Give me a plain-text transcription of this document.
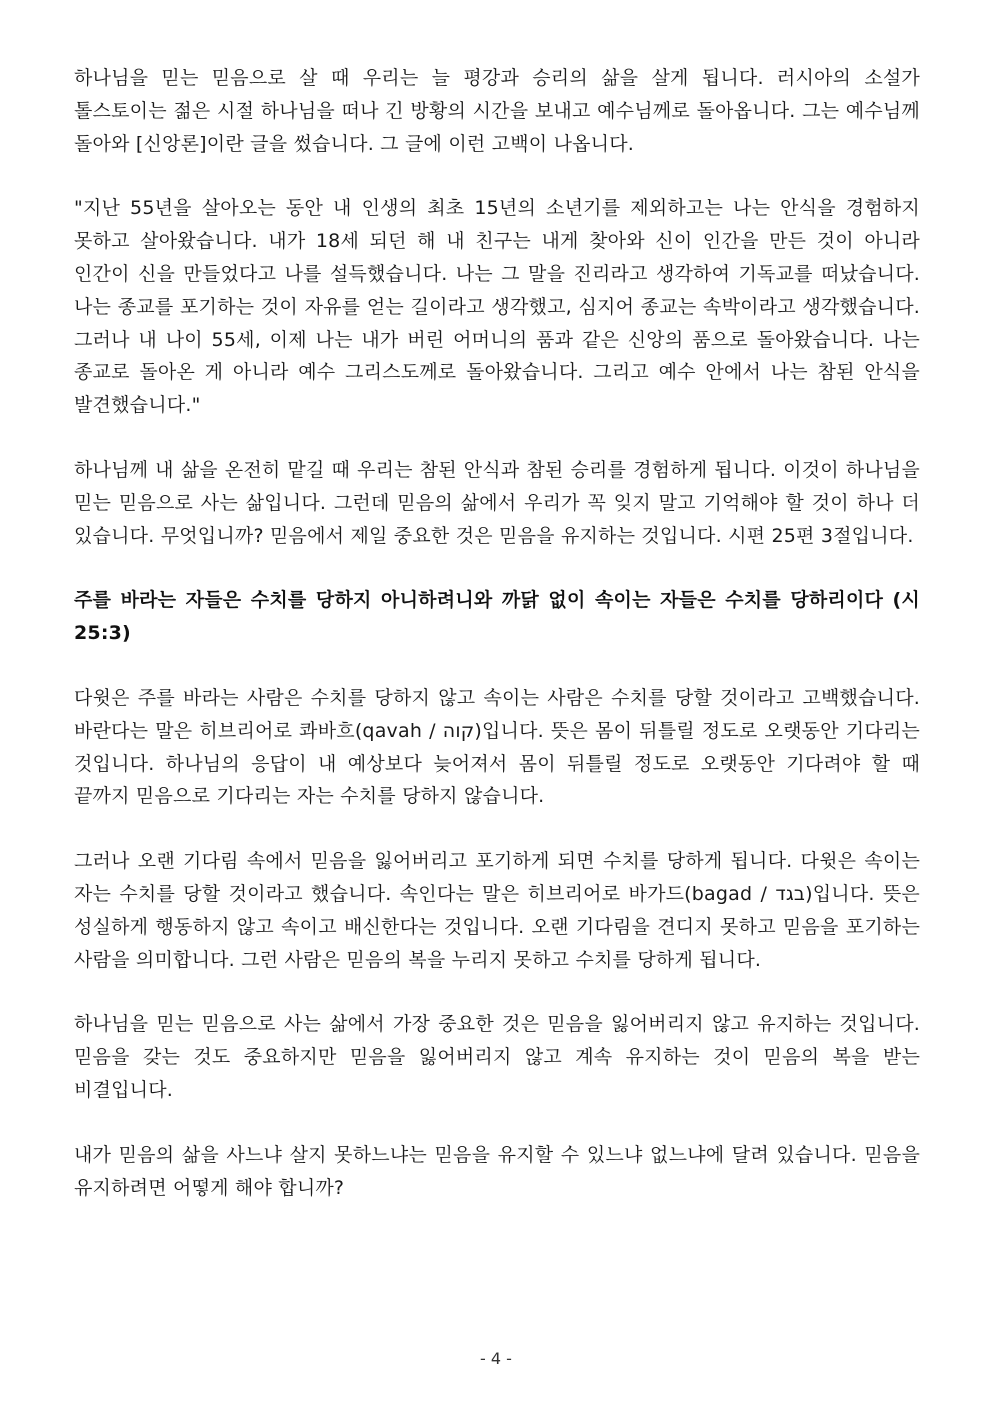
하나님을 믿는 믿음으로 살 때 우리는 늘 평강과 승리의 삶을 살게 됩니다. 러시아의 소설가 톨스토이는 젊은 시절 하나님을 떠나 긴 방황의 시간을 보내고 예수님께로 돌아옵니다. 그는 예수님께 돌아와 [신앙론]이란 글을 썼습니다. 그 글에 이런 고백이 나옵니다.

"지난 55년을 살아오는 동안 내 인생의 최초 15년의 소년기를 제외하고는 나는 안식을 경험하지 못하고 살아왔습니다. 내가 18세 되던 해 내 친구는 내게 찾아와 신이 인간을 만든 것이 아니라 인간이 신을 만들었다고 나를 설득했습니다. 나는 그 말을 진리라고 생각하여 기독교를 떠났습니다. 나는 종교를 포기하는 것이 자유를 얻는 길이라고 생각했고, 심지어 종교는 속박이라고 생각했습니다. 그러나 내 나이 55세, 이제 나는 내가 버린 어머니의 품과 같은 신앙의 품으로 돌아왔습니다. 나는 종교로 돌아온 게 아니라 예수 그리스도께로 돌아왔습니다. 그리고 예수 안에서 나는 참된 안식을 발견했습니다."

하나님께 내 삶을 온전히 맡길 때 우리는 참된 안식과 참된 승리를 경험하게 됩니다. 이것이 하나님을 믿는 믿음으로 사는 삶입니다. 그런데 믿음의 삶에서 우리가 꼭 잊지 말고 기억해야 할 것이 하나 더 있습니다. 무엇입니까? 믿음에서 제일 중요한 것은 믿음을 유지하는 것입니다. 시편 25편 3절입니다.

주를 바라는 자들은 수치를 당하지 아니하려니와 까닭 없이 속이는 자들은 수치를 당하리이다 (시 25:3)

다윗은 주를 바라는 사람은 수치를 당하지 않고 속이는 사람은 수치를 당할 것이라고 고백했습니다. 바란다는 말은 히브리어로 콰바흐(qavah / קוה)입니다. 뜻은 몸이 뒤틀릴 정도로 오랫동안 기다리는 것입니다. 하나님의 응답이 내 예상보다 늦어져서 몸이 뒤틀릴 정도로 오랫동안 기다려야 할 때 끝까지 믿음으로 기다리는 자는 수치를 당하지 않습니다.

그러나 오랜 기다림 속에서 믿음을 잃어버리고 포기하게 되면 수치를 당하게 됩니다. 다윗은 속이는 자는 수치를 당할 것이라고 했습니다. 속인다는 말은 히브리어로 바가드(bagad / בגד)입니다. 뜻은 성실하게 행동하지 않고 속이고 배신한다는 것입니다. 오랜 기다림을 견디지 못하고 믿음을 포기하는 사람을 의미합니다. 그런 사람은 믿음의 복을 누리지 못하고 수치를 당하게 됩니다.

하나님을 믿는 믿음으로 사는 삶에서 가장 중요한 것은 믿음을 잃어버리지 않고 유지하는 것입니다. 믿음을 갖는 것도 중요하지만 믿음을 잃어버리지 않고 계속 유지하는 것이 믿음의 복을 받는 비결입니다.

내가 믿음의 삶을 사느냐 살지 못하느냐는 믿음을 유지할 수 있느냐 없느냐에 달려 있습니다. 믿음을 유지하려면 어떻게 해야 합니까?

- 4 -
